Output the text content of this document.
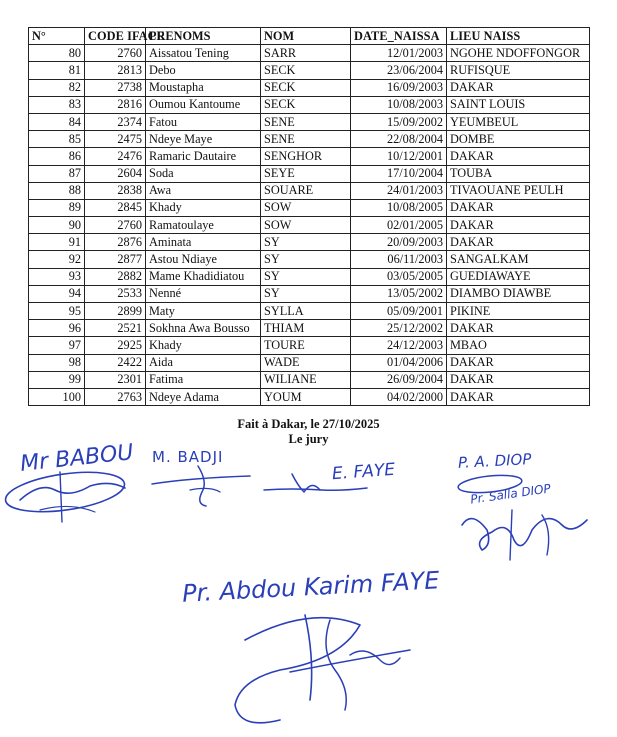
N°	CODE IFACE	PRENOMS	NOM	DATE_NAISSA	LIEU NAISS
80	2760	Aissatou Tening	SARR	12/01/2003	NGOHE NDOFFONGOR
81	2813	Debo	SECK	23/06/2004	RUFISQUE
82	2738	Moustapha	SECK	16/09/2003	DAKAR
83	2816	Oumou Kantoume	SECK	10/08/2003	SAINT LOUIS
84	2374	Fatou	SENE	15/09/2002	YEUMBEUL
85	2475	Ndeye Maye	SENE	22/08/2004	DOMBE
86	2476	Ramaric Dautaire	SENGHOR	10/12/2001	DAKAR
87	2604	Soda	SEYE	17/10/2004	TOUBA
88	2838	Awa	SOUARE	24/01/2003	TIVAOUANE PEULH
89	2845	Khady	SOW	10/08/2005	DAKAR
90	2760	Ramatoulaye	SOW	02/01/2005	DAKAR
91	2876	Aminata	SY	20/09/2003	DAKAR
92	2877	Astou Ndiaye	SY	06/11/2003	SANGALKAM
93	2882	Mame Khadidiatou	SY	03/05/2005	GUEDIAWAYE
94	2533	Nenné	SY	13/05/2002	DIAMBO DIAWBE
95	2899	Maty	SYLLA	05/09/2001	PIKINE
96	2521	Sokhna Awa Bousso	THIAM	25/12/2002	DAKAR
97	2925	Khady	TOURE	24/12/2003	MBAO
98	2422	Aida	WADE	01/04/2006	DAKAR
99	2301	Fatima	WILIANE	26/09/2004	DAKAR
100	2763	Ndeye Adama	YOUM	04/02/2000	DAKAR
Fait à Dakar, le 27/10/2025
Le jury
Mr BABOU M. BADJI
E. FAYE	P. A. DIOP
Pr. Salla DIOP
Pr. Abdou Karim FAYE
